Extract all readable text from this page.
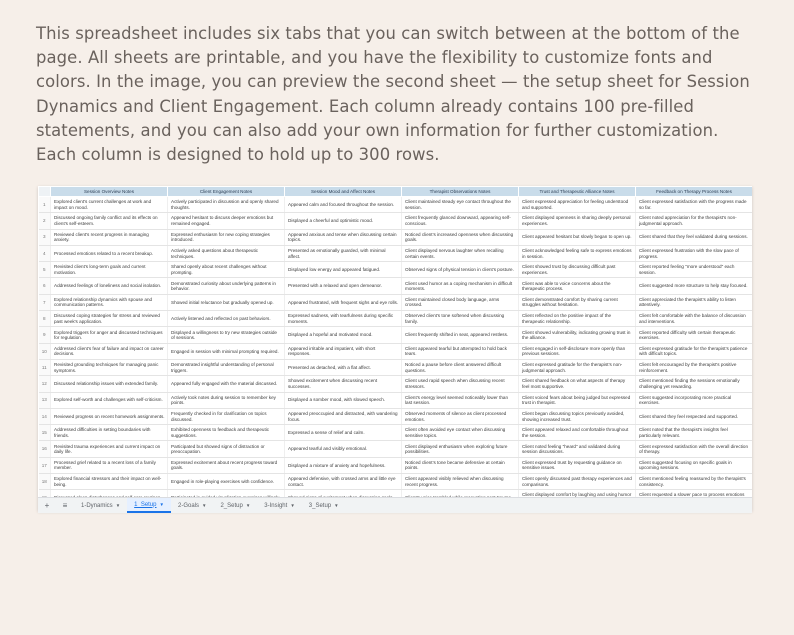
This spreadsheet includes six tabs that you can switch between at the bottom of the page. All sheets are printable, and you have the flexibility to customize fonts and colors. In the image, you can preview the second sheet — the setup sheet for Session Dynamics and Client Engagement. Each column already contains 100 pre-filled statements, and you can also add your own information for further customization. Each column is designed to hold up to 300 rows.
	Session Overview Notes	Client Engagement Notes	Session Mood and Affect Notes	Therapist Observations Notes	Trust and Therapeutic Alliance Notes	Feedback on Therapy Process Notes
1	Explored client's current challenges at work and impact on mood.	Actively participated in discussion and openly shared thoughts.	Appeared calm and focused throughout the session.	Client maintained steady eye contact throughout the session.	Client expressed appreciation for feeling understood and supported.	Client expressed satisfaction with the progress made so far.
2	Discussed ongoing family conflict and its effects on client's self-esteem.	Appeared hesitant to discuss deeper emotions but remained engaged.	Displayed a cheerful and optimistic mood.	Client frequently glanced downward, appearing self-conscious.	Client displayed openness in sharing deeply personal experiences.	Client noted appreciation for the therapist's non-judgmental approach.
3	Reviewed client's recent progress in managing anxiety.	Expressed enthusiasm for new coping strategies introduced.	Appeared anxious and tense when discussing certain topics.	Noticed client's increased openness when discussing goals.	Client appeared hesitant but slowly began to open up.	Client shared that they feel validated during sessions.
4	Processed emotions related to a recent breakup.	Actively asked questions about therapeutic techniques.	Presented as emotionally guarded, with minimal affect.	Client displayed nervous laughter when recalling certain events.	Client acknowledged feeling safe to express emotions in session.	Client expressed frustration with the slow pace of progress.
5	Revisited client's long-term goals and current motivation.	Shared openly about recent challenges without prompting.	Displayed low energy and appeared fatigued.	Observed signs of physical tension in client's posture.	Client showed trust by discussing difficult past experiences.	Client reported feeling "more understood" each session.
6	Addressed feelings of loneliness and social isolation.	Demonstrated curiosity about underlying patterns in behavior.	Presented with a relaxed and open demeanor.	Client used humor as a coping mechanism in difficult moments.	Client was able to voice concerns about the therapeutic process.	Client suggested more structure to help stay focused.
7	Explored relationship dynamics with spouse and communication patterns.	Showed initial reluctance but gradually opened up.	Appeared frustrated, with frequent sighs and eye rolls.	Client maintained closed body language, arms crossed.	Client demonstrated comfort by sharing current struggles without hesitation.	Client appreciated the therapist's ability to listen attentively.
8	Discussed coping strategies for stress and reviewed past week's application.	Actively listened and reflected on past behaviors.	Expressed sadness, with tearfulness during specific moments.	Observed client's tone softened when discussing family.	Client reflected on the positive impact of the therapeutic relationship.	Client felt comfortable with the balance of discussion and interventions.
9	Explored triggers for anger and discussed techniques for regulation.	Displayed a willingness to try new strategies outside of sessions.	Displayed a hopeful and motivated mood.	Client frequently shifted in seat, appeared restless.	Client showed vulnerability, indicating growing trust in the alliance.	Client reported difficulty with certain therapeutic exercises.
10	Addressed client's fear of failure and impact on career decisions.	Engaged in session with minimal prompting required.	Appeared irritable and impatient, with short responses.	Client appeared tearful but attempted to hold back tears.	Client engaged in self-disclosure more openly than previous sessions.	Client expressed gratitude for the therapist's patience with difficult topics.
11	Revisited grounding techniques for managing panic symptoms.	Demonstrated insightful understanding of personal triggers.	Presented as detached, with a flat affect.	Noticed a pause before client answered difficult questions.	Client expressed gratitude for the therapist's non-judgmental approach.	Client felt encouraged by the therapist's positive reinforcement.
12	Discussed relationship issues with extended family.	Appeared fully engaged with the material discussed.	Showed excitement when discussing recent successes.	Client used rapid speech when discussing recent stressors.	Client shared feedback on what aspects of therapy feel most supportive.	Client mentioned finding the sessions emotionally challenging yet rewarding.
13	Explored self-worth and challenges with self-criticism.	Actively took notes during session to remember key points.	Displayed a somber mood, with slowed speech.	Client's energy level seemed noticeably lower than last session.	Client voiced fears about being judged but expressed trust in therapist.	Client suggested incorporating more practical exercises.
14	Reviewed progress on recent homework assignments.	Frequently checked in for clarification on topics discussed.	Appeared preoccupied and distracted, with wandering focus.	Observed moments of silence as client processed emotions.	Client began discussing topics previously avoided, showing increased trust.	Client shared they feel respected and supported.
15	Addressed difficulties in setting boundaries with friends.	Exhibited openness to feedback and therapeutic suggestions.	Expressed a sense of relief and calm.	Client often avoided eye contact when discussing sensitive topics.	Client appeared relaxed and comfortable throughout the session.	Client noted that the therapist's insights feel particularly relevant.
16	Revisited trauma experiences and current impact on daily life.	Participated but showed signs of distraction or preoccupation.	Appeared tearful and visibly emotional.	Client displayed enthusiasm when exploring future possibilities.	Client noted feeling "heard" and validated during session discussions.	Client expressed satisfaction with the overall direction of therapy.
17	Processed grief related to a recent loss of a family member.	Expressed excitement about recent progress toward goals.	Displayed a mixture of anxiety and hopefulness.	Noticed client's tone became defensive at certain points.	Client expressed trust by requesting guidance on sensitive issues.	Client suggested focusing on specific goals in upcoming sessions.
18	Explored financial stressors and their impact on well-being.	Engaged in role-playing exercises with confidence.	Appeared defensive, with crossed arms and little eye contact.	Client appeared visibly relieved when discussing recent progress.	Client openly discussed past therapy experiences and comparisons.	Client mentioned feeling reassured by the therapist's consistency.
					Client displayed comfort by laughing and using humor	Client requested a slower pace to process emotions
+	≡	1-Dynamics ▼ 1_Setup ▼ 2-Goals ▼ 2_Setup ▼ 3-Insight ▼ 3_Setup ▼
